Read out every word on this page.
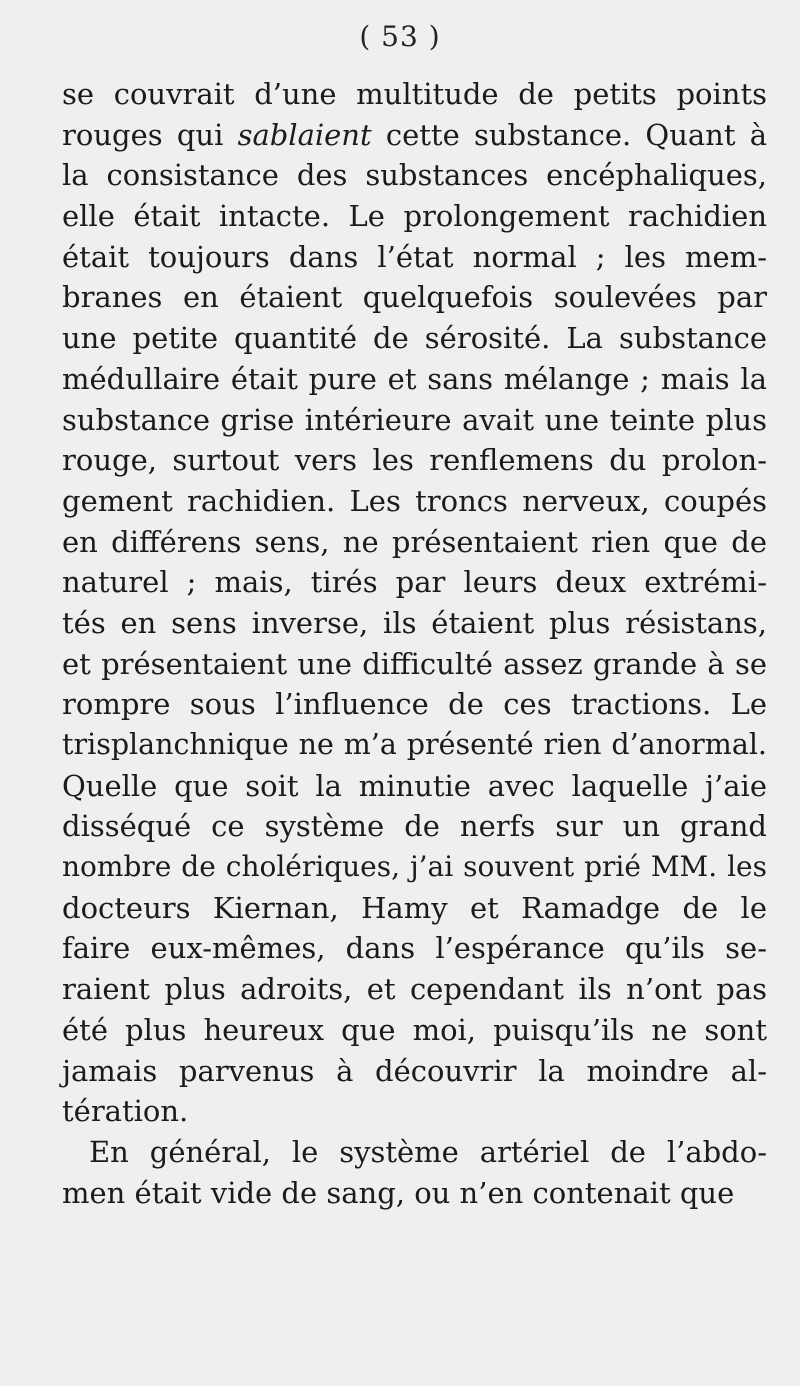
( 53 )
se couvrait d’une multitude de petits points
rouges qui sablaient cette substance. Quant à
la consistance des substances encéphaliques,
elle était intacte. Le prolongement rachidien
était toujours dans l’état normal ; les mem-
branes en étaient quelquefois soulevées par
une petite quantité de sérosité. La substance
médullaire était pure et sans mélange ; mais la
substance grise intérieure avait une teinte plus
rouge, surtout vers les renflemens du prolon-
gement rachidien. Les troncs nerveux, coupés
en différens sens, ne présentaient rien que de
naturel ; mais, tirés par leurs deux extrémi-
tés en sens inverse, ils étaient plus résistans,
et présentaient une difficulté assez grande à se
rompre sous l’influence de ces tractions. Le
trisplanchnique ne m’a présenté rien d’anormal.
Quelle que soit la minutie avec laquelle j’aie
disséqué ce système de nerfs sur un grand
nombre de cholériques, j’ai souvent prié MM. les
docteurs Kiernan, Hamy et Ramadge de le
faire eux-mêmes, dans l’espérance qu’ils se-
raient plus adroits, et cependant ils n’ont pas
été plus heureux que moi, puisqu’ils ne sont
jamais parvenus à découvrir la moindre al-
tération.
En général, le système artériel de l’abdo-
men était vide de sang, ou n’en contenait que
